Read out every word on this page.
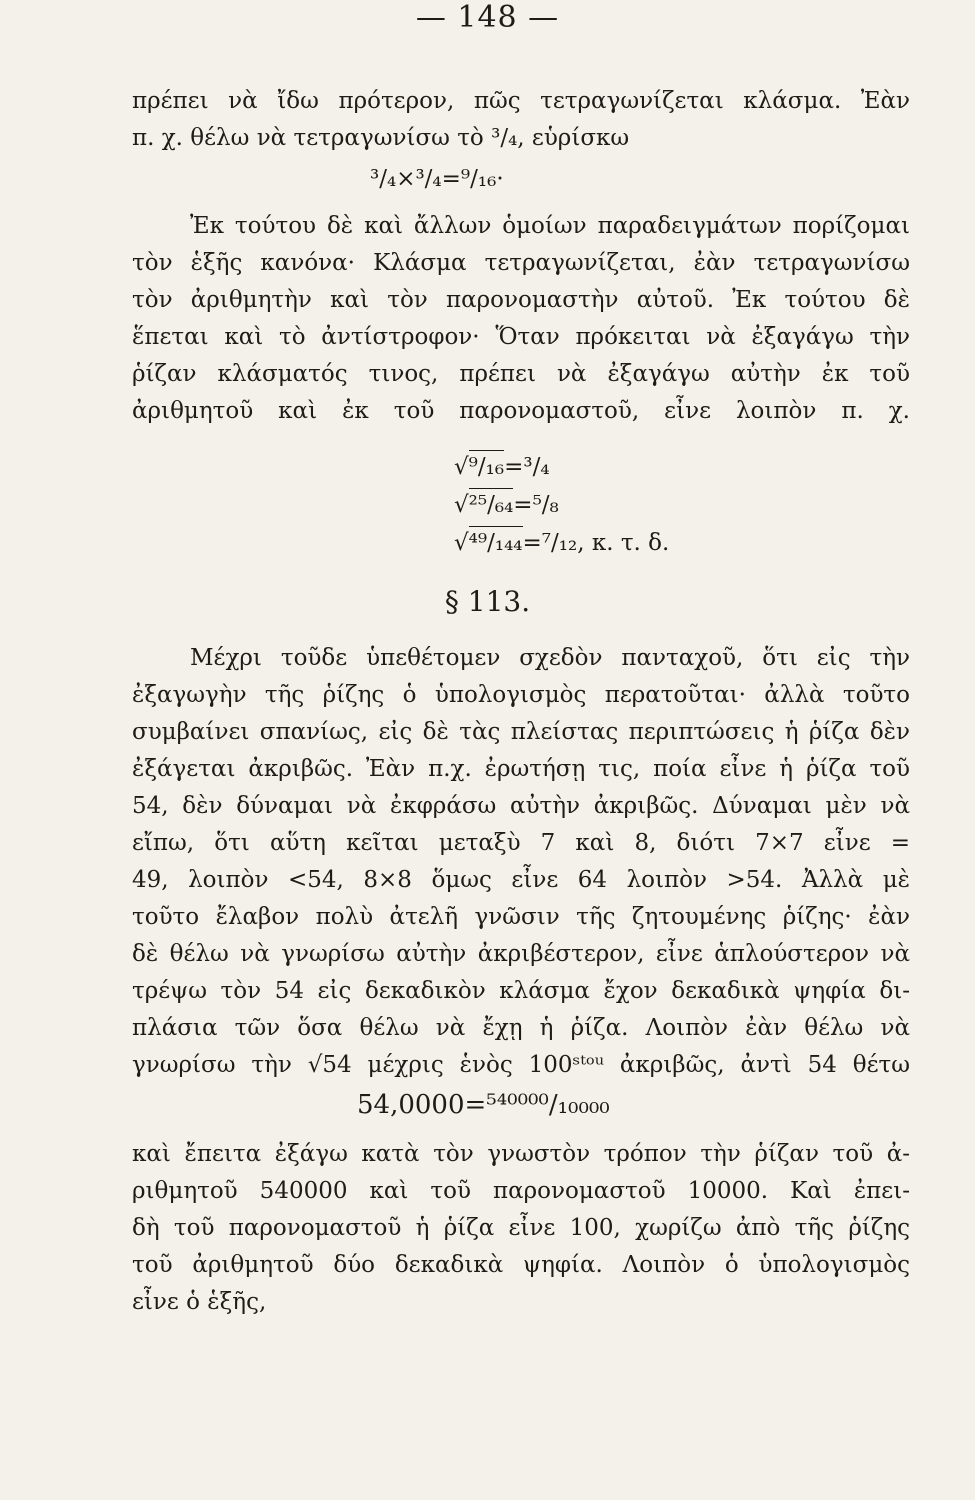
— 148 —
πρέπει νὰ ἴδω πρότερον, πῶς τετραγωνίζεται κλάσμα. Ἐὰν
π. χ. θέλω νὰ τετραγωνίσω τὸ ³/₄, εὑρίσκω
³/₄×³/₄=⁹/₁₆·
Ἐκ τούτου δὲ καὶ ἄλλων ὁμοίων παραδειγμάτων πορίζομαι
τὸν ἑξῆς κανόνα· Κλάσμα τετραγωνίζεται, ἐὰν τετραγωνίσω
τὸν ἀριθμητὴν καὶ τὸν παρονομαστὴν αὐτοῦ. Ἐκ τούτου δὲ
ἕπεται καὶ τὸ ἀντίστροφον· Ὅταν πρόκειται νὰ ἐξαγάγω τὴν
ῥίζαν κλάσματός τινος, πρέπει νὰ ἐξαγάγω αὐτὴν ἐκ τοῦ
ἀριθμητοῦ καὶ ἐκ τοῦ παρονομαστοῦ, εἶνε λοιπὸν π. χ.
√⁹/₁₆=³/₄
√²⁵/₆₄=⁵/₈
√⁴⁹/₁₄₄=⁷/₁₂, κ. τ. δ.
§ 113.
Μέχρι τοῦδε ὑπεθέτομεν σχεδὸν πανταχοῦ, ὅτι εἰς τὴν
ἐξαγωγὴν τῆς ῥίζης ὁ ὑπολογισμὸς περατοῦται· ἀλλὰ τοῦτο
συμβαίνει σπανίως, εἰς δὲ τὰς πλείστας περιπτώσεις ἡ ῥίζα δὲν
ἐξάγεται ἀκριβῶς. Ἐὰν π.χ. ἐρωτήσῃ τις, ποία εἶνε ἡ ῥίζα τοῦ
54, δὲν δύναμαι νὰ ἐκφράσω αὐτὴν ἀκριβῶς. Δύναμαι μὲν νὰ
εἴπω, ὅτι αὕτη κεῖται μεταξὺ 7 καὶ 8, διότι 7×7 εἶνε =
49, λοιπὸν <54, 8×8 ὅμως εἶνε 64 λοιπὸν >54. Ἀλλὰ μὲ
τοῦτο ἔλαβον πολὺ ἀτελῆ γνῶσιν τῆς ζητουμένης ῥίζης· ἐὰν
δὲ θέλω νὰ γνωρίσω αὐτὴν ἀκριβέστερον, εἶνε ἁπλούστερον νὰ
τρέψω τὸν 54 εἰς δεκαδικὸν κλάσμα ἔχον δεκαδικὰ ψηφία δι-
πλάσια τῶν ὅσα θέλω νὰ ἔχῃ ἡ ῥίζα. Λοιπὸν ἐὰν θέλω νὰ
γνωρίσω τὴν √54 μέχρις ἑνὸς 100ˢᵗᵒᵘ ἀκριβῶς, ἀντὶ 54 θέτω
54,0000=⁵⁴⁰⁰⁰⁰/₁₀₀₀₀
καὶ ἔπειτα ἐξάγω κατὰ τὸν γνωστὸν τρόπον τὴν ῥίζαν τοῦ ἀ-
ριθμητοῦ 540000 καὶ τοῦ παρονομαστοῦ 10000. Καὶ ἐπει-
δὴ τοῦ παρονομαστοῦ ἡ ῥίζα εἶνε 100, χωρίζω ἀπὸ τῆς ῥίζης
τοῦ ἀριθμητοῦ δύο δεκαδικὰ ψηφία. Λοιπὸν ὁ ὑπολογισμὸς
εἶνε ὁ ἑξῆς,
